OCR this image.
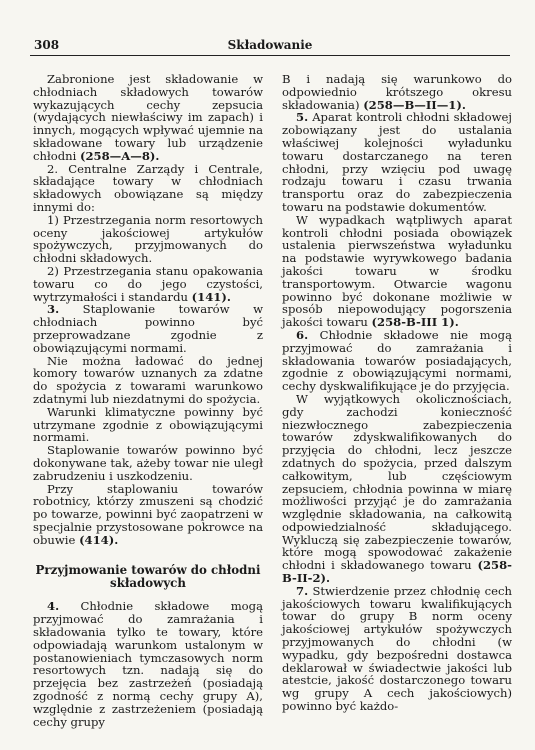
308	Składowanie

Zabronione jest składowanie w chłodniach składowych towarów wykazujących cechy zepsucia (wydających niewłaściwy im zapach) i innych, mogących wpływać ujemnie na składowane towary lub urządzenie chłodni (258—A—8).

2. Centralne Zarządy i Centrale, składające towary w chłodniach składowych obowiązane są między innymi do:

1) Przestrzegania norm resortowych oceny jakościowej artykułów spożywczych, przyjmowanych do chłodni składowych.

2) Przestrzegania stanu opakowania towaru co do jego czystości, wytrzymałości i standardu (141).

3. Staplowanie towarów w chłodniach powinno być przeprowadzane zgodnie z obowiązującymi normami.

Nie można ładować do jednej komory towarów uznanych za zdatne do spożycia z towarami warunkowo zdatnymi lub niezdatnymi do spożycia.

Warunki klimatyczne powinny być utrzymane zgodnie z obowiązującymi normami.

Staplowanie towarów powinno być dokonywane tak, ażeby towar nie uległ zabrudzeniu i uszkodzeniu.

Przy staplowaniu towarów robotnicy, którzy zmuszeni są chodzić po towarze, powinni być zaopatrzeni w specjalnie przystosowane pokrowce na obuwie (414).

Przyjmowanie towarów do chłodni składowych

4. Chłodnie składowe mogą przyjmować do zamrażania i składowania tylko te towary, które odpowiadają warunkom ustalonym w postanowieniach tymczasowych norm resortowych tzn. nadają się do przejęcia bez zastrzeżeń (posiadają zgodność z normą cechy grupy A), względnie z zastrzeżeniem (posiadają cechy grupy

B i nadają się warunkowo do odpowiednio krótszego okresu składowania) (258—B—II—1).

5. Aparat kontroli chłodni składowej zobowiązany jest do ustalania właściwej kolejności wyładunku towaru dostarczanego na teren chłodni, przy wzięciu pod uwagę rodzaju towaru i czasu trwania transportu oraz do zabezpieczenia towaru na podstawie dokumentów.

W wypadkach wątpliwych aparat kontroli chłodni posiada obowiązek ustalenia pierwszeństwa wyładunku na podstawie wyrywkowego badania jakości towaru w środku transportowym. Otwarcie wagonu powinno być dokonane możliwie w sposób niepowodujący pogorszenia jakości towaru (258-B-III 1).

6. Chłodnie składowe nie mogą przyjmować do zamrażania i składowania towarów posiadających, zgodnie z obowiązującymi normami, cechy dyskwalifikujące je do przyjęcia.

W wyjątkowych okolicznościach, gdy zachodzi konieczność niezwłocznego zabezpieczenia towarów zdyskwalifikowanych do przyjęcia do chłodni, lecz jeszcze zdatnych do spożycia, przed dalszym całkowitym, lub częściowym zepsuciem, chłodnia powinna w miarę możliwości przyjąć je do zamrażania względnie składowania, na całkowitą odpowiedzialność składującego. Wykluczą się zabezpieczenie towarów, które mogą spowodować zakażenie chłodni i składowanego towaru (258-B-II-2).

7. Stwierdzenie przez chłodnię cech jakościowych towaru kwalifikujących towar do grupy B norm oceny jakościowej artykułów spożywczych przyjmowanych do chłodni (w wypadku, gdy bezpośredni dostawca deklarował w świadectwie jakości lub atestcie, jakość dostarczonego towaru wg grupy A cech jakościowych) powinno być każdo-
